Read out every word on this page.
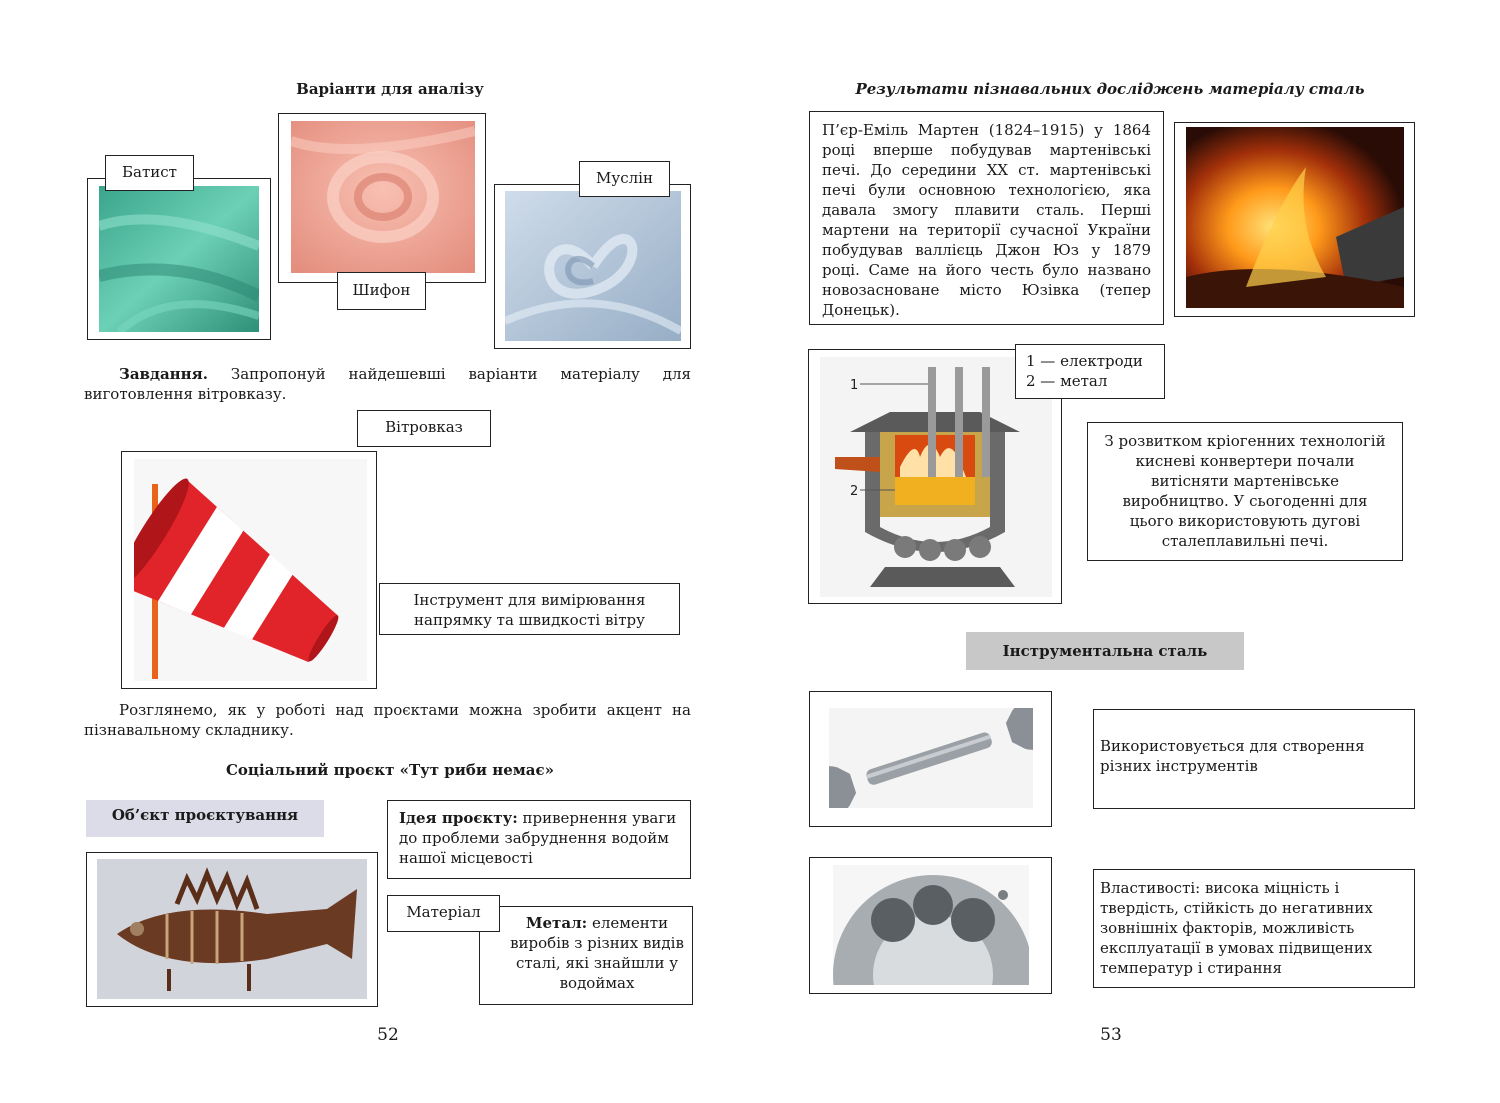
Варіанти для аналізу
Батист
Шифон
Муслін
Завдання. Запропонуй найдешевші варіанти матеріалу для виготовлення вітровказу.
Вітровказ
Інструмент для вимірювання напрямку та швидкості вітру
Розглянемо, як у роботі над проєктами можна зробити акцент на пізнавальному складнику.
Соціальний проєкт «Тут риби немає»
Об’єкт проєктування	Ідея проєкту: привернення уваги до проблеми забруднення водойм нашої місцевості
Метал: елементи виробів з різних видів сталі, які знайшли у водоймах
Матеріал
52
Результати пізнавальних досліджень матеріалу сталь
П’єр-Еміль Мартен (1824–1915) у 1864 році вперше побудував мартенівські печі. До середини ХХ ст. мартенівські печі були основною технологією, яка давала змогу плавити сталь. Перші мартени на території сучасної України побудував валлієць Джон Юз у 1879 році. Саме на його честь було названо новозасноване місто Юзівка (тепер Донецьк).
1
2
1 — електроди
2 — метал
З розвитком кріогенних технологій кисневі конвертери почали витісняти мартенівське виробництво. У сьогоденні для цього використовують дугові сталеплавильні печі.
Інструментальна сталь
Використовується для створення різних інструментів
Властивості: висока міцність і твердість, стійкість до негативних зовнішніх факторів, можливість експлуатації в умовах підвищених температур і стирання
53
